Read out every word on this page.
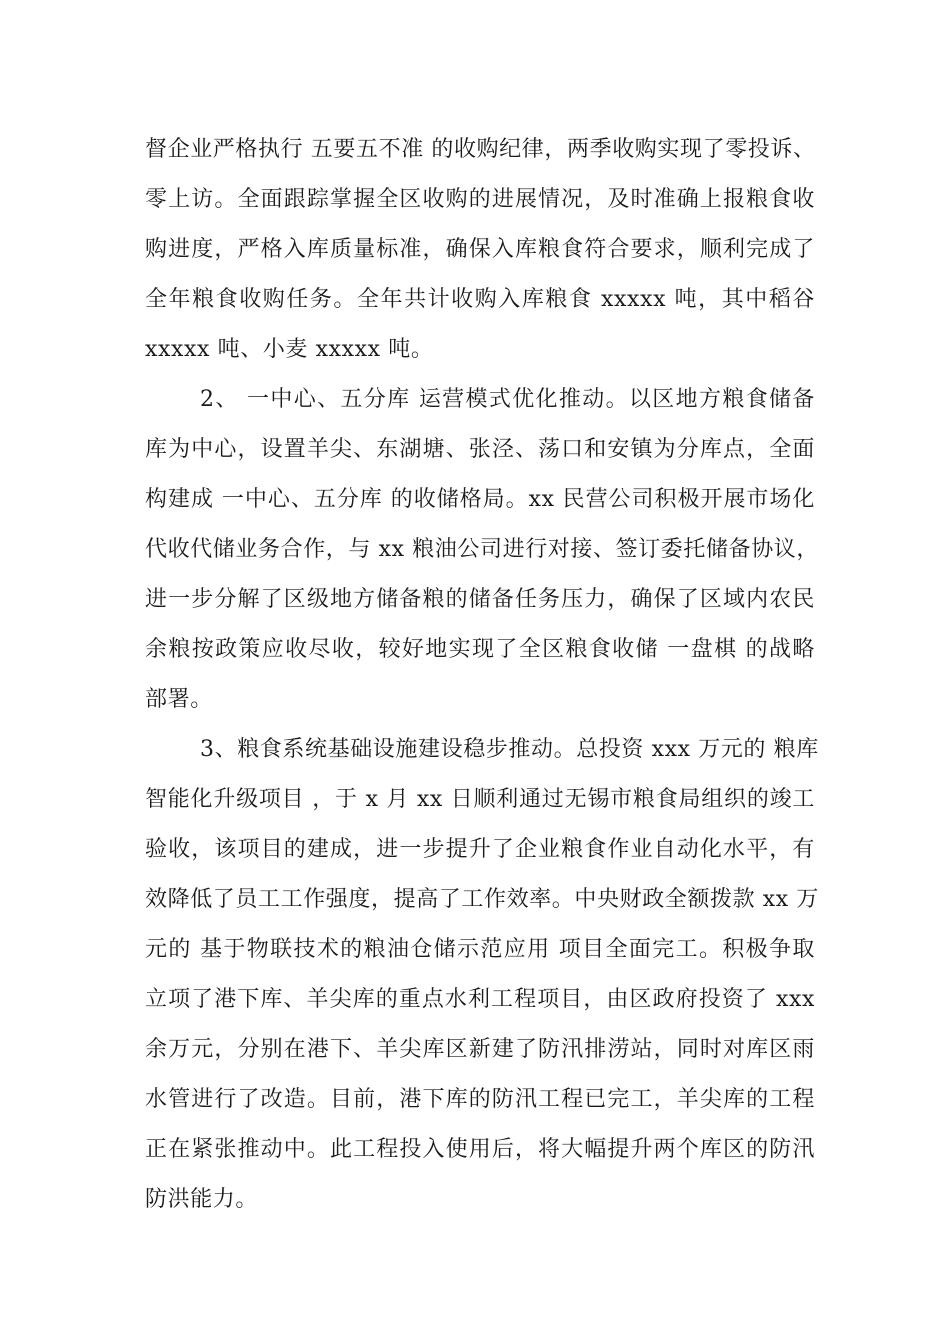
督企业严格执行 五要五不准 的收购纪律，两季收购实现了零投诉、
零上访。全面跟踪掌握全区收购的进展情况，及时准确上报粮食收
购进度，严格入库质量标准，确保入库粮食符合要求，顺利完成了
全年粮食收购任务。全年共计收购入库粮食 xxxxx 吨，其中稻谷
xxxxx 吨、小麦 xxxxx 吨。
2、 一中心、五分库 运营模式优化推动。以区地方粮食储备
库为中心，设置羊尖、东湖塘、张泾、荡口和安镇为分库点，全面
构建成 一中心、五分库 的收储格局。xx 民营公司积极开展市场化
代收代储业务合作，与 xx 粮油公司进行对接、签订委托储备协议，
进一步分解了区级地方储备粮的储备任务压力，确保了区域内农民
余粮按政策应收尽收，较好地实现了全区粮食收储 一盘棋 的战略
部署。
3、粮食系统基础设施建设稳步推动。总投资 xxx 万元的 粮库
智能化升级项目 ，于 x 月 xx 日顺利通过无锡市粮食局组织的竣工
验收，该项目的建成，进一步提升了企业粮食作业自动化水平，有
效降低了员工工作强度，提高了工作效率。中央财政全额拨款 xx 万
元的 基于物联技术的粮油仓储示范应用 项目全面完工。积极争取
立项了港下库、羊尖库的重点水利工程项目，由区政府投资了 xxx
余万元，分别在港下、羊尖库区新建了防汛排涝站，同时对库区雨
水管进行了改造。目前，港下库的防汛工程已完工，羊尖库的工程
正在紧张推动中。此工程投入使用后，将大幅提升两个库区的防汛
防洪能力。
